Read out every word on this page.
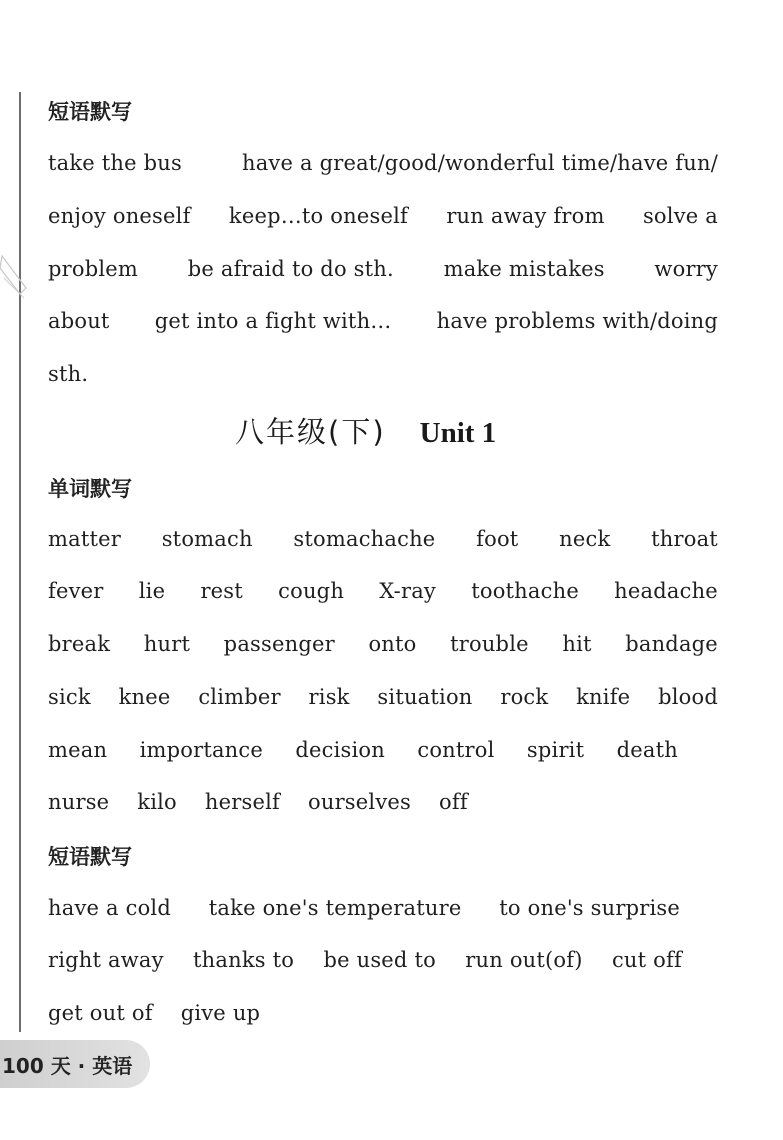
短语默写
take the bus	have a great/good/wonderful time/have fun/
enjoy oneself keep…to oneself run away from solve a
problem be afraid to do sth. make mistakes worry
about get into a fight with… have problems with/doing
sth.
八年级(下) Unit 1
单词默写
matter stomach stomachache foot neck throat
fever lie rest cough X-ray toothache headache
break hurt passenger onto trouble hit bandage
sick knee climber risk situation rock knife blood
mean importance decision control spirit death
nurse kilo herself ourselves off
短语默写
have a cold take one's temperature to one's surprise
right away thanks to be used to run out(of) cut off
get out of give up
100 天 · 英语
